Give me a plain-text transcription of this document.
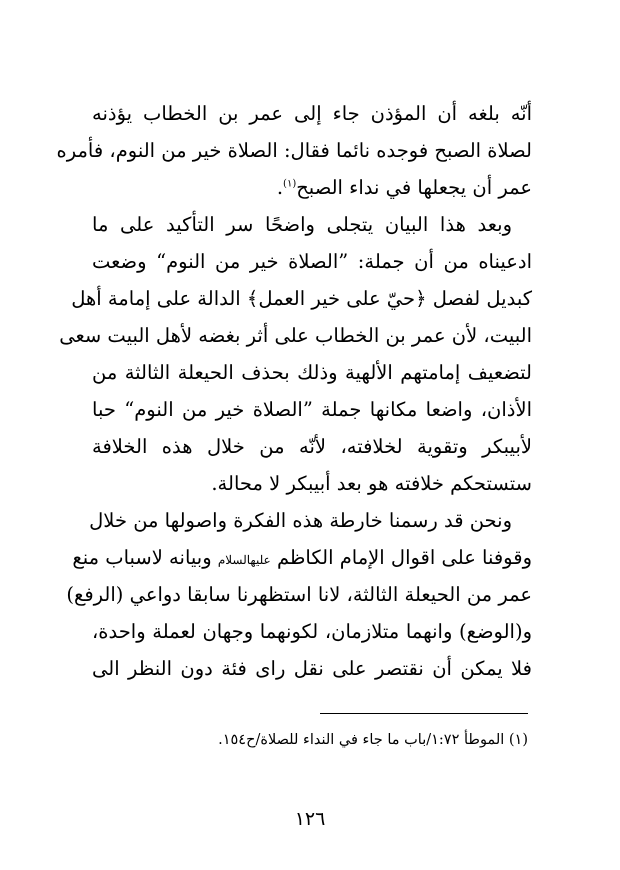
أنّه بلغه أن المؤذن جاء إلى عمر بن الخطاب يؤذنه
لصلاة الصبح فوجده نائما فقال: الصلاة خير من النوم، فأمره
عمر أن يجعلها في نداء الصبح$^{(١)}$.
وبعد هذا البيان يتجلى واضحًا سر التأكيد على ما
ادعيناه من أن جملة: ”الصلاة خير من النوم“ وضعت
كبديل لفصل ﴿حيّ على خير العمل﴾ الدالة على إمامة أهل
البيت، لأن عمر بن الخطاب على أثر بغضه لأهل البيت سعى
لتضعيف إمامتهم الألهية وذلك بحذف الحيعلة الثالثة من
الأذان، واضعا مكانها جملة ”الصلاة خير من النوم“ حبا
لأبيبكر وتقوية لخلافته، لأنّه من خلال هذه الخلافة
ستستحكم خلافته هو بعد أبيبكر لا محالة.
ونحن قد رسمنا خارطة هذه الفكرة واصولها من خلال
وقوفنا على اقوال الإمام الكاظم عليهالسلام وبيانه لاسباب منع
عمر من الحيعلة الثالثة، لانا استظهرنا سابقا دواعي (الرفع)
و(الوضع) وانهما متلازمان، لكونهما وجهان لعملة واحدة،
فلا يمكن أن نقتصر على نقل راى فئة دون النظر الى
(١) الموطأ ١:٧٢/باب ما جاء في النداء للصلاة/ح١٥٤.
١٢٦
